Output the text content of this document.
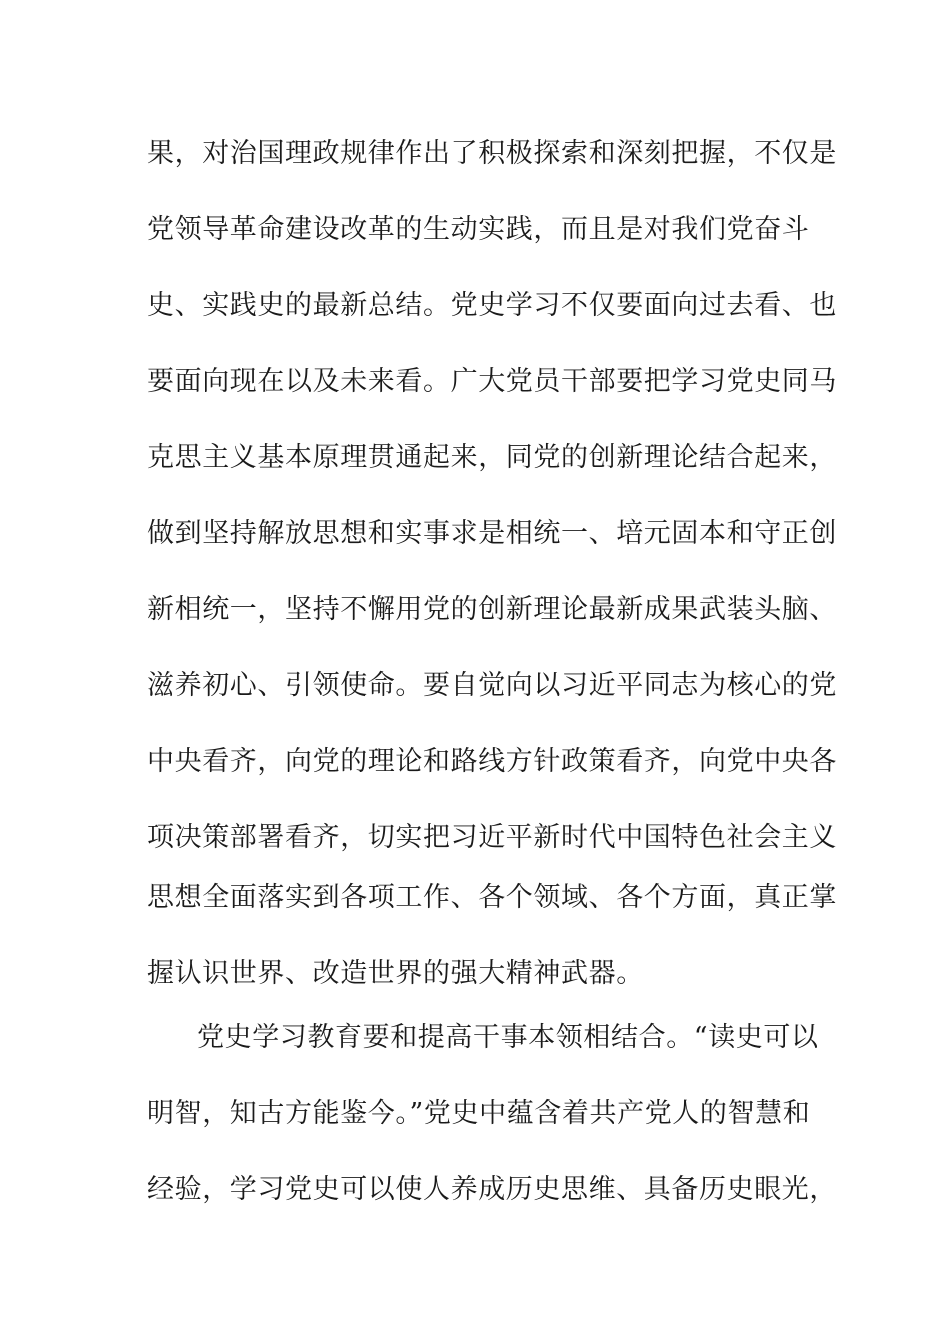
果，对治国理政规律作出了积极探索和深刻把握，不仅是
党领导革命建设改革的生动实践，而且是对我们党奋斗
史、实践史的最新总结。党史学习不仅要面向过去看、也
要面向现在以及未来看。广大党员干部要把学习党史同马
克思主义基本原理贯通起来，同党的创新理论结合起来，
做到坚持解放思想和实事求是相统一、培元固本和守正创
新相统一，坚持不懈用党的创新理论最新成果武装头脑、
滋养初心、引领使命。要自觉向以习近平同志为核心的党
中央看齐，向党的理论和路线方针政策看齐，向党中央各
项决策部署看齐，切实把习近平新时代中国特色社会主义
思想全面落实到各项工作、各个领域、各个方面，真正掌
握认识世界、改造世界的强大精神武器。
党史学习教育要和提高干事本领相结合。“读史可以
明智，知古方能鉴今。”党史中蕴含着共产党人的智慧和
经验，学习党史可以使人养成历史思维、具备历史眼光，
